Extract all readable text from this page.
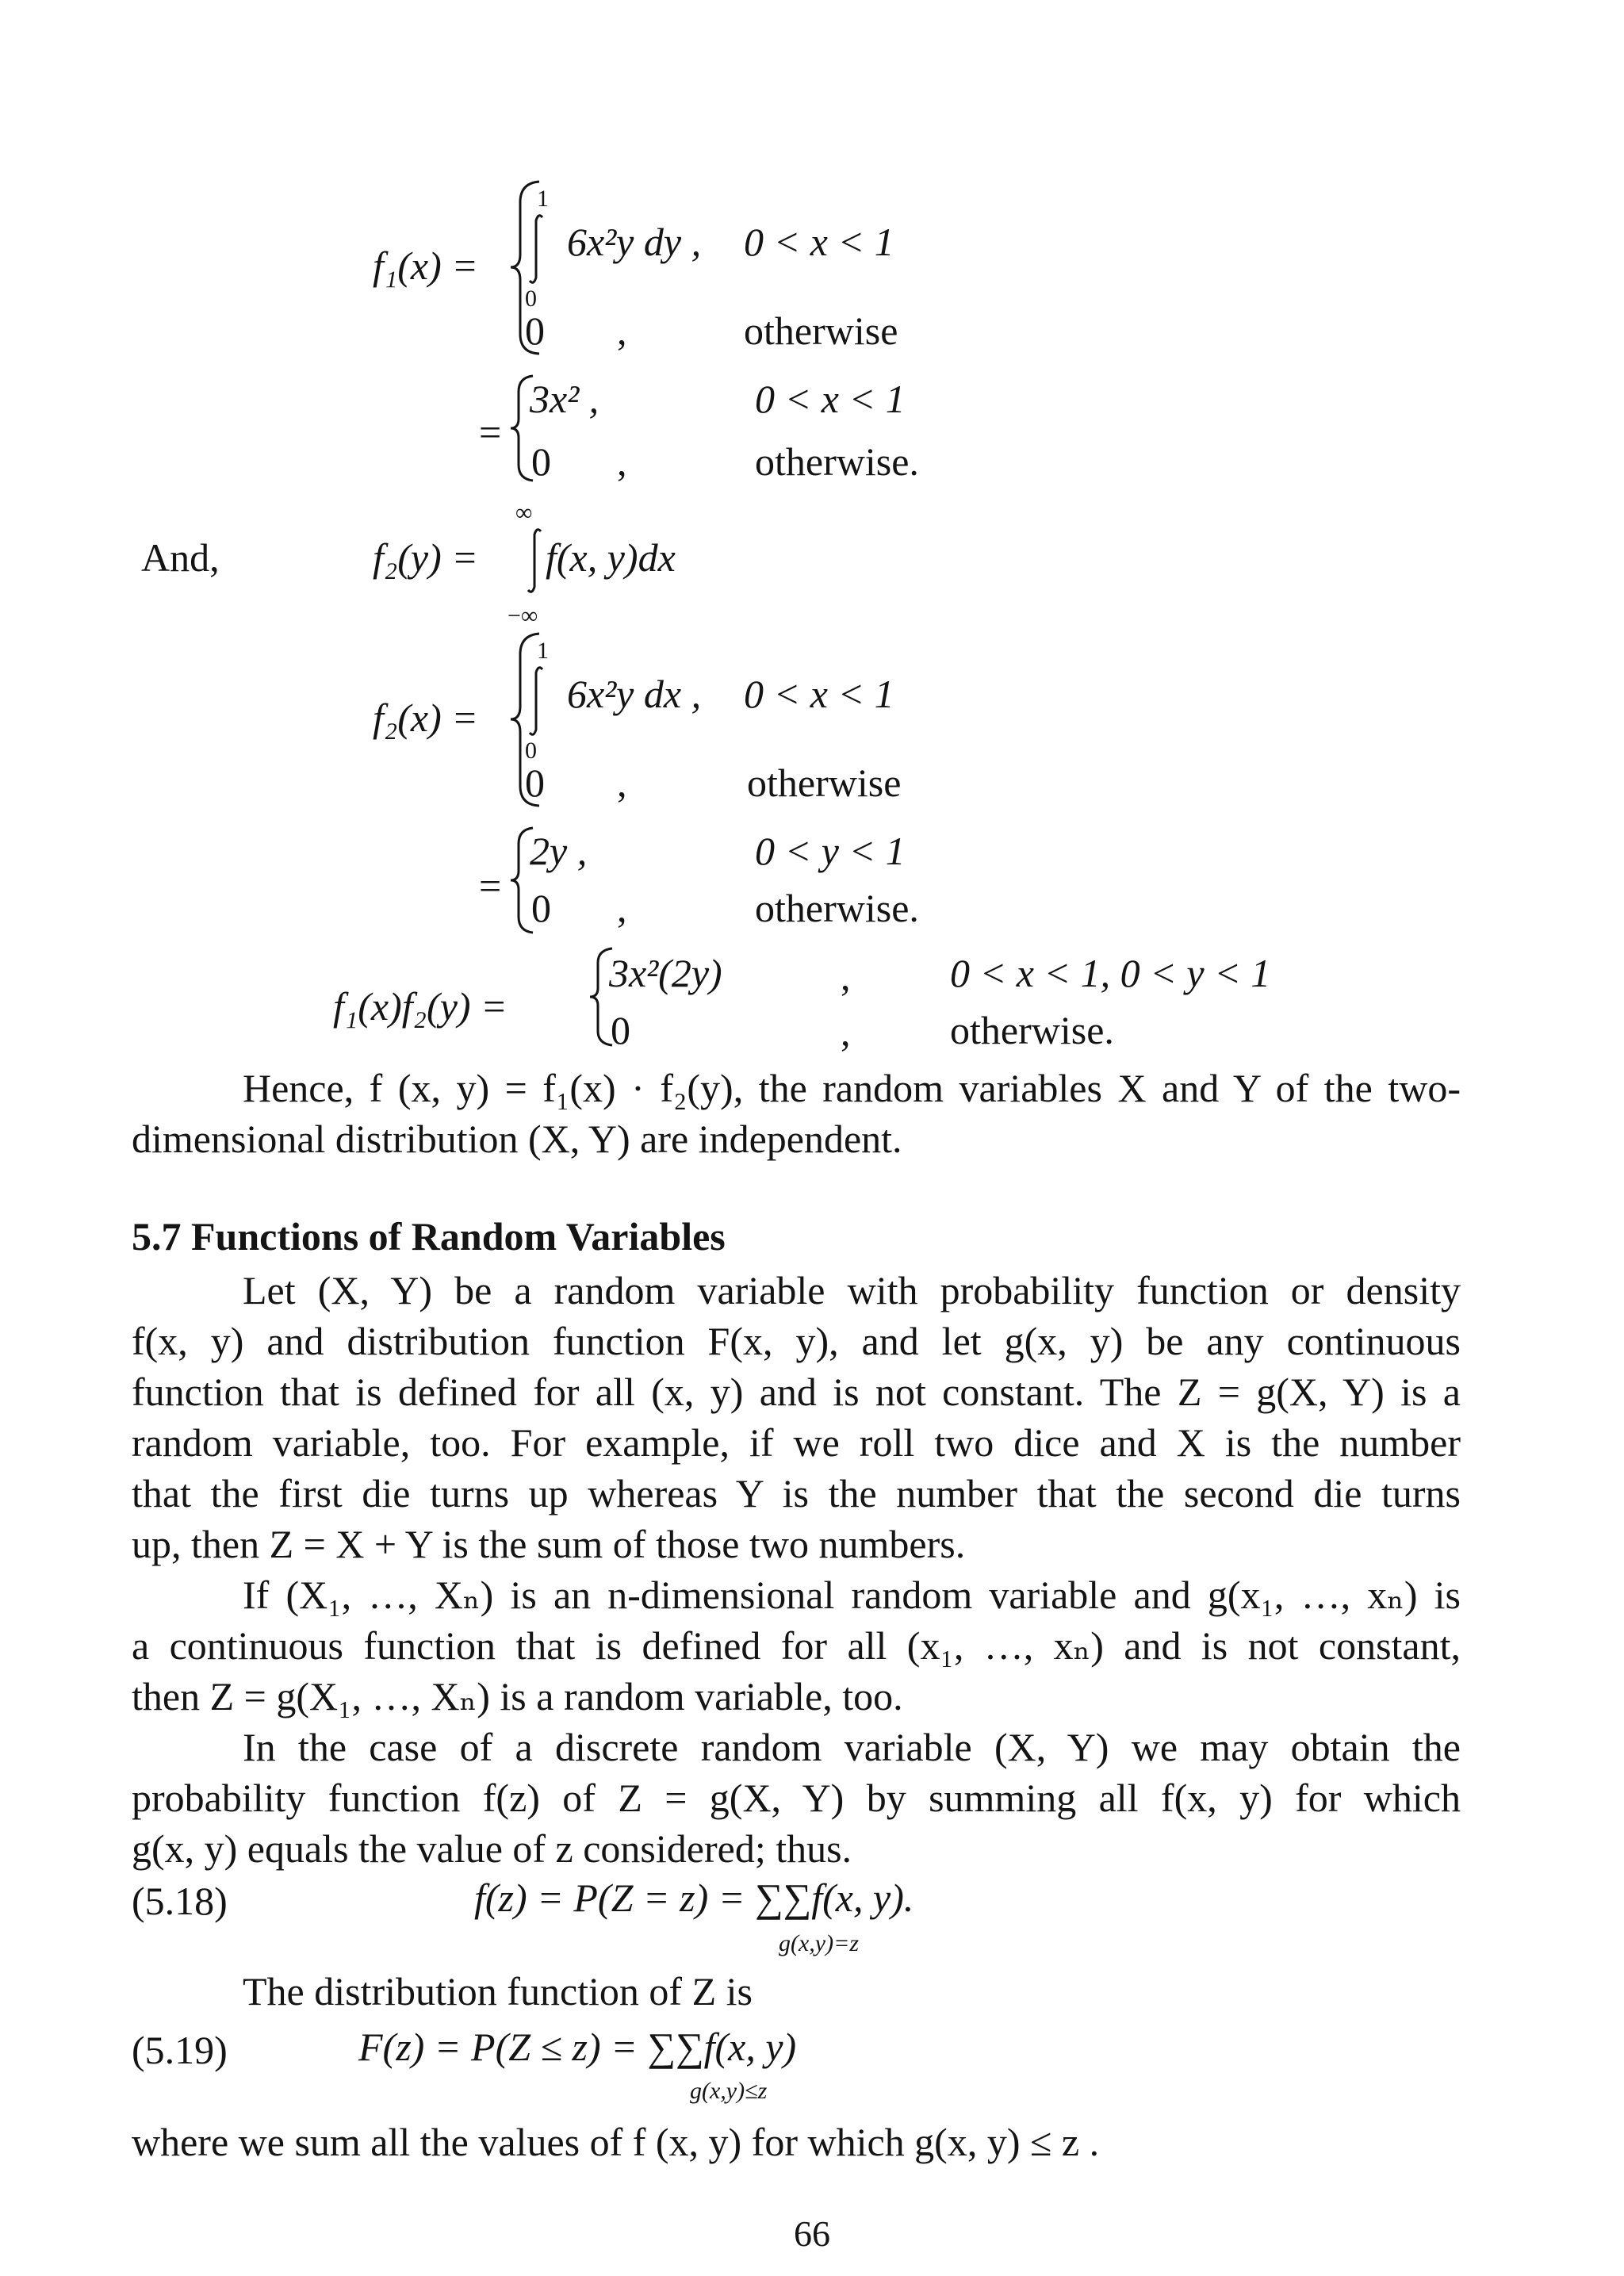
f₁(x) =
1
0
6x²y dy , 0 < x < 1
0 ,	otherwise
=
3x² ,	0 < x < 1
0 ,	otherwise.
And,	f₂(y) =
∞
−∞
f(x, y)dx
f₂(x) =
1
0
6x²y dx , 0 < x < 1
0 ,	otherwise
=
2y ,	0 < y < 1
0 ,	otherwise.
f₁(x)f₂(y) =
3x²(2y)	,	0 < x < 1, 0 < y < 1
0	,	otherwise.
Hence, f (x, y) = f₁(x) · f₂(y), the random variables X and Y of the two-
dimensional distribution (X, Y) are independent.
5.7 Functions of Random Variables
Let (X, Y) be a random variable with probability function or density
f(x, y) and distribution function F(x, y), and let g(x, y) be any continuous
function that is defined for all (x, y) and is not constant. The Z = g(X, Y) is a
random variable, too. For example, if we roll two dice and X is the number
that the first die turns up whereas Y is the number that the second die turns
up, then Z = X + Y is the sum of those two numbers.
If (X₁, …, Xₙ) is an n-dimensional random variable and g(x₁, …, xₙ) is
a continuous function that is defined for all (x₁, …, xₙ) and is not constant,
then Z = g(X₁, …, Xₙ) is a random variable, too.
In the case of a discrete random variable (X, Y) we may obtain the
probability function f(z) of Z = g(X, Y) by summing all f(x, y) for which
g(x, y) equals the value of z considered; thus.
(5.18)	f(z) = P(Z = z) = ∑∑f(x, y).
g(x,y)=z
The distribution function of Z is
(5.19)	F(z) = P(Z ≤ z) = ∑∑f(x, y)
g(x,y)≤z
where we sum all the values of f (x, y) for which g(x, y) ≤ z .
66
